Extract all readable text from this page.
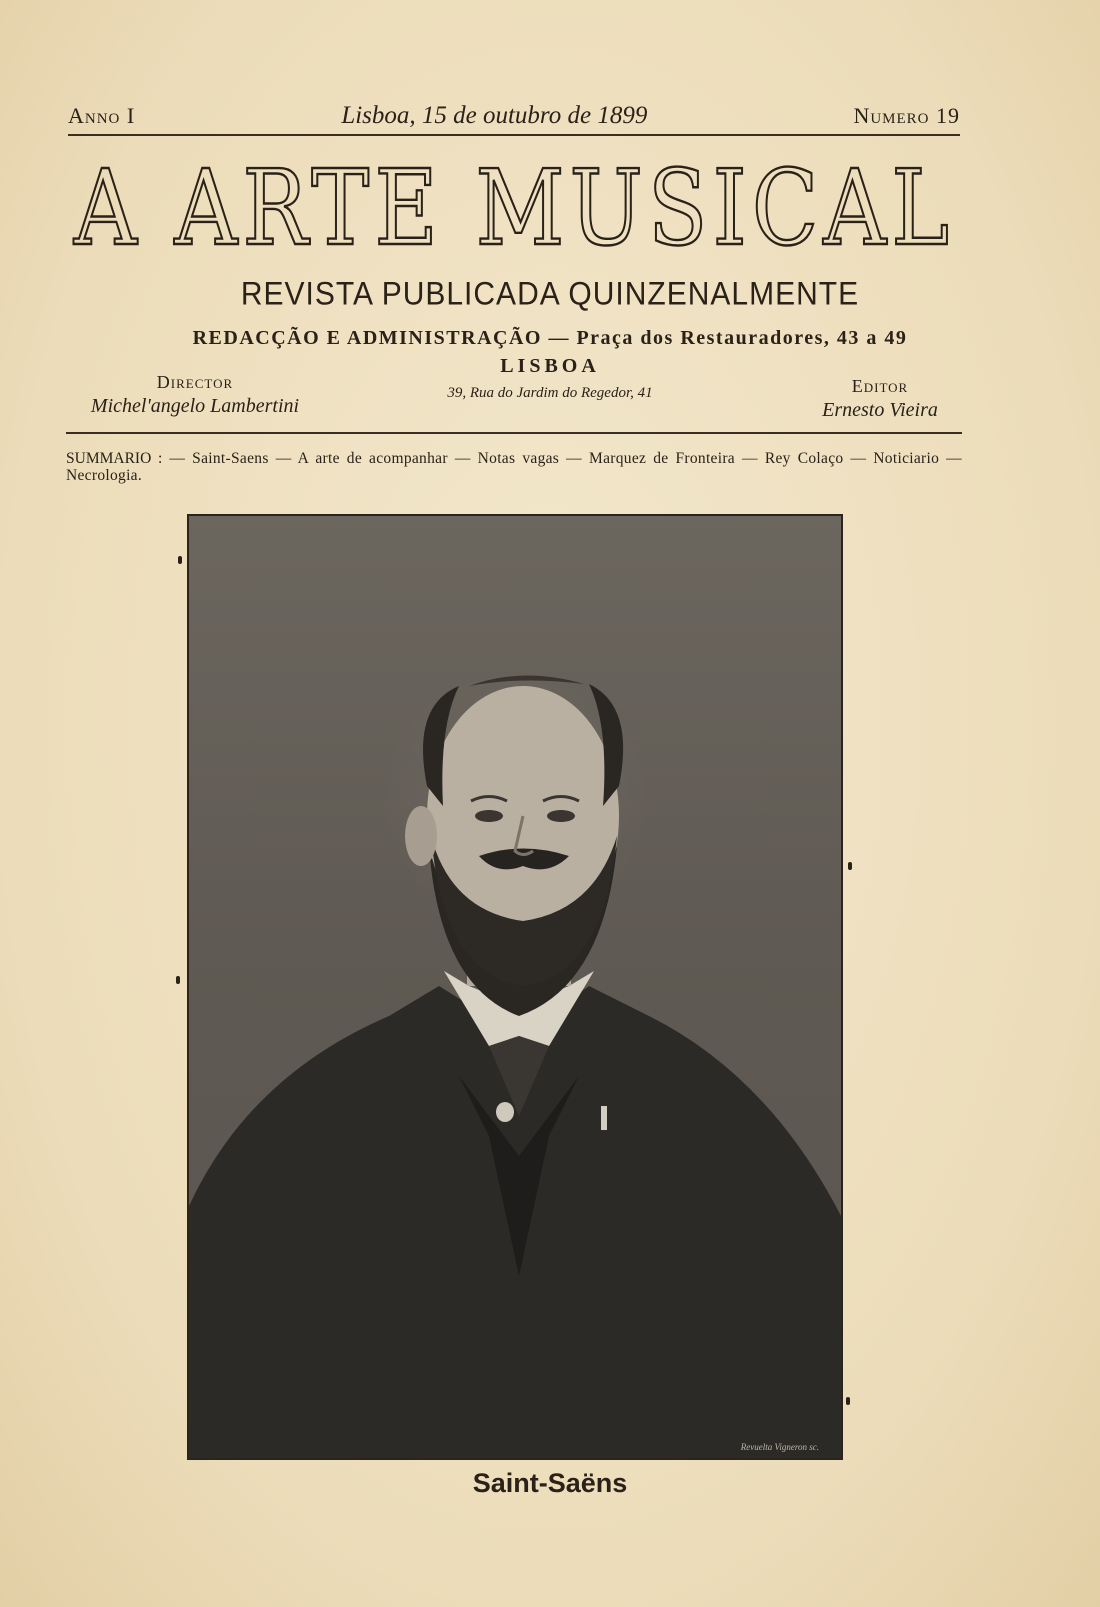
Anno I	Lisboa, 15 de outubro de 1899	Numero 19
A ARTE MUSICAL
REVISTA PUBLICADA QUINZENALMENTE
REDACÇÃO E ADMINISTRAÇÃO — Praça dos Restauradores, 43 a 49
LISBOA
39, Rua do Jardim do Regedor, 41
Director
Michel'angelo Lambertini
Editor
Ernesto Vieira
SUMMARIO : — Saint-Saens — A arte de acompanhar — Notas vagas — Marquez de Fronteira — Rey Colaço — Noticiario — Necrologia.
Revuelta Vigneron sc.
Saint-Saëns
